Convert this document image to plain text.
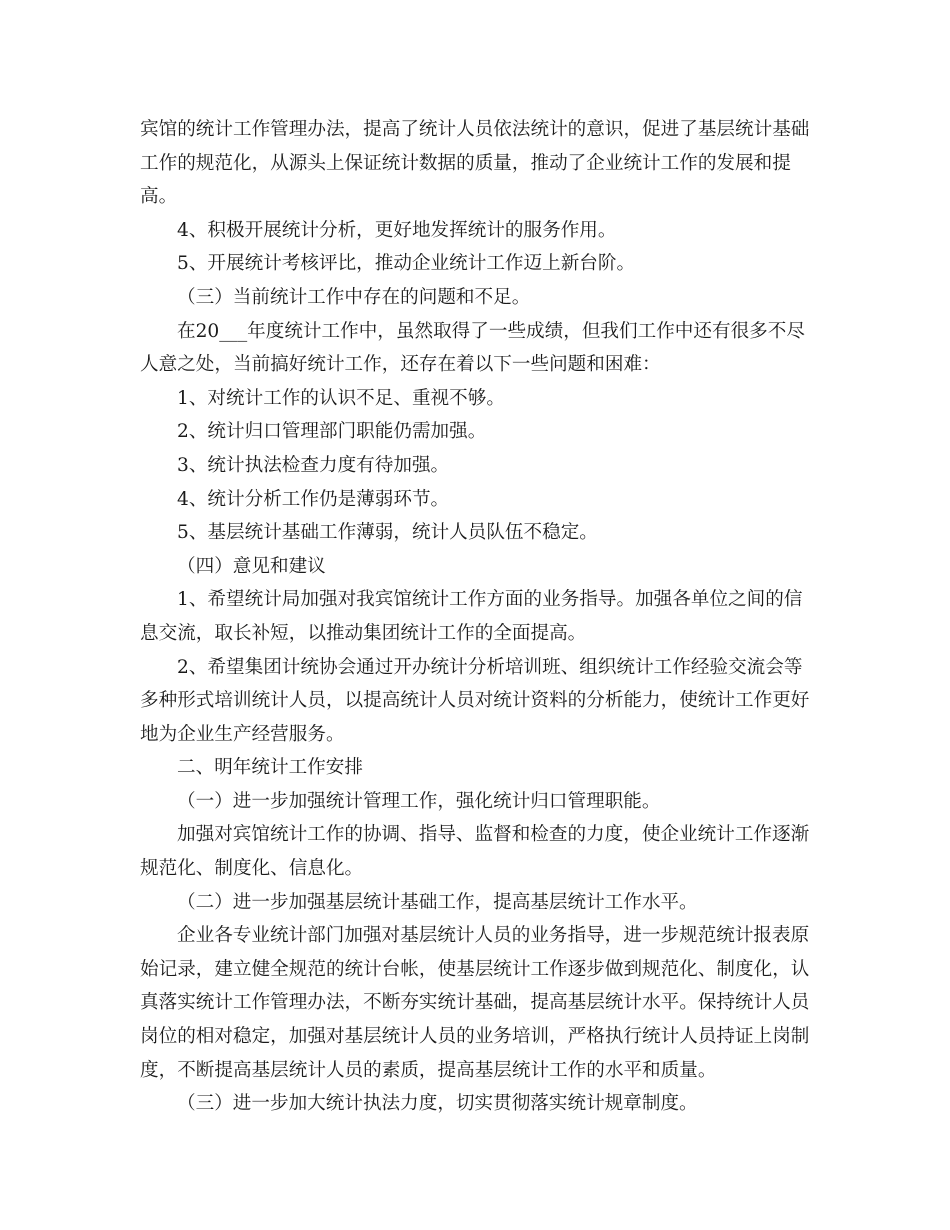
宾馆的统计工作管理办法，提高了统计人员依法统计的意识，促进了基层统计基础工作的规范化，从源头上保证统计数据的质量，推动了企业统计工作的发展和提高。

4、积极开展统计分析，更好地发挥统计的服务作用。

5、开展统计考核评比，推动企业统计工作迈上新台阶。

（三）当前统计工作中存在的问题和不足。

在20___年度统计工作中，虽然取得了一些成绩，但我们工作中还有很多不尽人意之处，当前搞好统计工作，还存在着以下一些问题和困难：

1、对统计工作的认识不足、重视不够。

2、统计归口管理部门职能仍需加强。

3、统计执法检查力度有待加强。

4、统计分析工作仍是薄弱环节。

5、基层统计基础工作薄弱，统计人员队伍不稳定。

（四）意见和建议

1、希望统计局加强对我宾馆统计工作方面的业务指导。加强各单位之间的信息交流，取长补短，以推动集团统计工作的全面提高。

2、希望集团计统协会通过开办统计分析培训班、组织统计工作经验交流会等多种形式培训统计人员，以提高统计人员对统计资料的分析能力，使统计工作更好地为企业生产经营服务。

二、明年统计工作安排

（一）进一步加强统计管理工作，强化统计归口管理职能。

加强对宾馆统计工作的协调、指导、监督和检查的力度，使企业统计工作逐渐规范化、制度化、信息化。

（二）进一步加强基层统计基础工作，提高基层统计工作水平。

企业各专业统计部门加强对基层统计人员的业务指导，进一步规范统计报表原始记录，建立健全规范的统计台帐，使基层统计工作逐步做到规范化、制度化，认真落实统计工作管理办法，不断夯实统计基础，提高基层统计水平。保持统计人员岗位的相对稳定，加强对基层统计人员的业务培训，严格执行统计人员持证上岗制度，不断提高基层统计人员的素质，提高基层统计工作的水平和质量。

（三）进一步加大统计执法力度，切实贯彻落实统计规章制度。
